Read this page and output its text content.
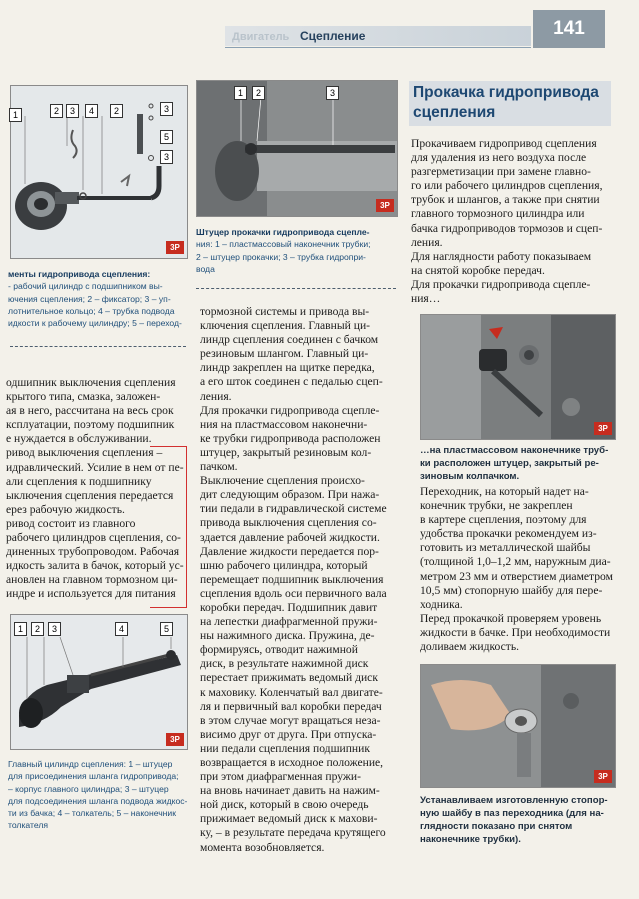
Двигатель Сцепление	141
1	2	3	4	2	3
5
3
3P
менты гидропривода сцепления:
- рабочий цилиндр с подшипником вы-
ючения сцепления; 2 – фиксатор; 3 – уп-
лотнительное кольцо; 4 – трубка подвода
идкости к рабочему цилиндру; 5 – переход-

одшипник выключения сцепления

крытого типа, смазка, заложен-

ая в него, рассчитана на весь срок

ксплуатации, поэтому подшипник

е нуждается в обслуживании.

ривод выключения сцепления –

идравлический. Усилие в нем от пе-

али сцепления к подшипнику

ыключения сцепления передается

ерез рабочую жидкость.

ривод состоит из главного

рабочего цилиндров сцепления, со-

диненных трубопроводом. Рабочая

идкость залита в бачок, который ус-

ановлен на главном тормозном ци-

индре и используется для питания

1	2	3	4	5
3P
Главный цилиндр сцепления: 1 – штуцер
для присоединения шланга гидропривода;
– корпус главного цилиндра; 3 – штуцер
для подсоединения шланга подвода жидкос-
ти из бачка; 4 – толкатель; 5 – наконечник
толкателя
1	2	3
3P
Штуцер прокачки гидропривода сцепле-
ния: 1 – пластмассовый наконечник трубки;
2 – штуцер прокачки; 3 – трубка гидропри-
вода

тормозной системы и привода вы-

ключения сцепления. Главный ци-

линдр сцепления соединен с бачком

резиновым шлангом. Главный ци-

линдр закреплен на щитке передка,

а его шток соединен с педалью сцеп-

ления.

Для прокачки гидропривода сцепле-

ния на пластмассовом наконечни-

ке трубки гидропривода расположен

штуцер, закрытый резиновым кол-

пачком.

Выключение сцепления происхо-

дит следующим образом. При нажа-

тии педали в гидравлической системе

привода выключения сцепления со-

здается давление рабочей жидкости.

Давление жидкости передается пор-

шню рабочего цилиндра, который

перемещает подшипник выключения

сцепления вдоль оси первичного вала

коробки передач. Подшипник давит

на лепестки диафрагменной пружи-

ны нажимного диска. Пружина, де-

формируясь, отводит нажимной

диск, в результате нажимной диск

перестает прижимать ведомый диск

к маховику. Коленчатый вал двигате-

ля и первичный вал коробки передач

в этом случае могут вращаться неза-

висимо друг от друга. При отпуска-

нии педали сцепления подшипник

возвращается в исходное положение,

при этом диафрагменная пружи-

на вновь начинает давить на нажим-

ной диск, который в свою очередь

прижимает ведомый диск к махови-

ку, – в результате передача крутящего

момента возобновляется.

Прокачка гидропривода сцепления

Прокачиваем гидропривод сцепления

для удаления из него воздуха после

разгерметизации при замене главно-

го или рабочего цилиндров сцепления,

трубок и шлангов, а также при снятии

главного тормозного цилиндра или

бачка гидроприводов тормозов и сцеп-

ления.

Для наглядности работу показываем

на снятой коробке передач.

Для прокачки гидропривода сцепле-

ния…

3P
…на пластмассовом наконечнике труб-
ки расположен штуцер, закрытый ре-
зиновым колпачком.

Переходник, на который надет на-

конечник трубки, не закреплен

в картере сцепления, поэтому для

удобства прокачки рекомендуем из-

готовить из металлической шайбы

(толщиной 1,0–1,2 мм, наружным диа-

метром 23 мм и отверстием диаметром

10,5 мм) стопорную шайбу для пере-

ходника.

Перед прокачкой проверяем уровень

жидкости в бачке. При необходимости

доливаем жидкость.

3P
Устанавливаем изготовленную стопор-
ную шайбу в паз переходника (для на-
глядности показано при снятом
наконечнике трубки).
